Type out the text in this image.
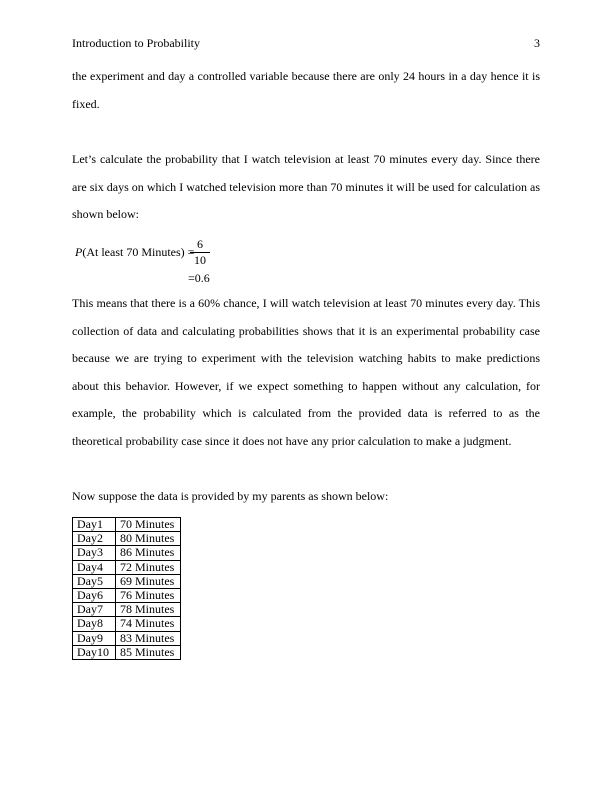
Introduction to Probability	3

the experiment and day a controlled variable because there are only 24 hours in a day hence it is fixed.

Let’s calculate the probability that I watch television at least 70 minutes every day. Since there are six days on which I watched television more than 70 minutes it will be used for calculation as shown below:

P(At least 70 Minutes) =
6
10
=0.6

This means that there is a 60% chance, I will watch television at least 70 minutes every day. This collection of data and calculating probabilities shows that it is an experimental probability case because we are trying to experiment with the television watching habits to make predictions about this behavior. However, if we expect something to happen without any calculation, for example, the probability which is calculated from the provided data is referred to as the theoretical probability case since it does not have any prior calculation to make a judgment.

Now suppose the data is provided by my parents as shown below:

Day1	70 Minutes
Day2	80 Minutes
Day3	86 Minutes
Day4	72 Minutes
Day5	69 Minutes
Day6	76 Minutes
Day7	78 Minutes
Day8	74 Minutes
Day9	83 Minutes
Day10	85 Minutes
